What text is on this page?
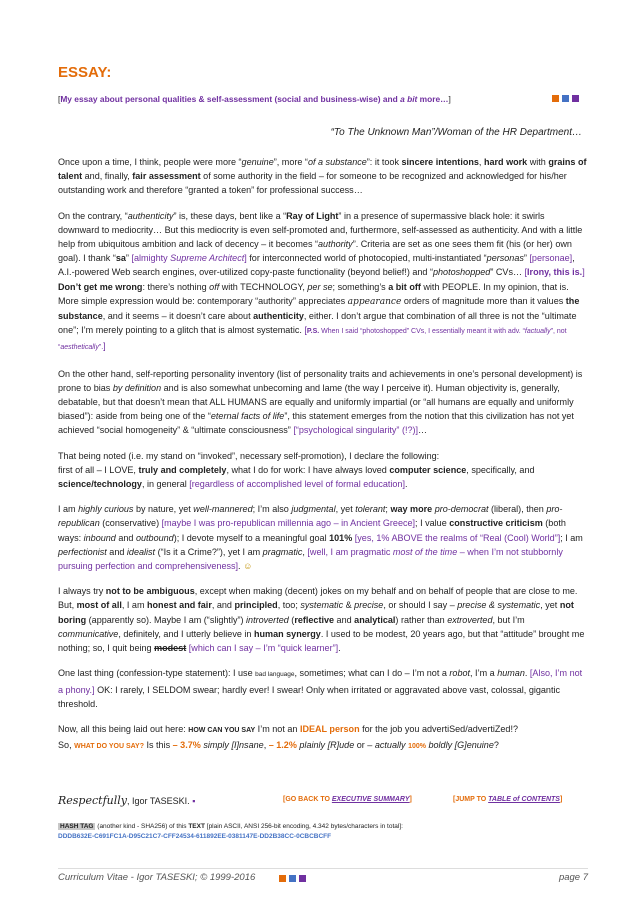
ESSAY:
[My essay about personal qualities & self-assessment (social and business-wise) and a bit more…]
“To The Unknown Man”/Woman of the HR Department…

Once upon a time, I think, people were more “genuine”, more “of a substance”: it took sincere intentions, hard work with grains of talent and, finally, fair assessment of some authority in the field – for someone to be recognized and acknowledged for his/her outstanding work and therefore “granted a token” for professional success…

On the contrary, “authenticity” is, these days, bent like a “Ray of Light” in a presence of supermassive black hole: it swirls downward to mediocrity… But this mediocrity is even self-promoted and, furthermore, self-assessed as authenticity. And with a little help from ubiquitous ambition and lack of decency – it becomes “authority”. Criteria are set as one sees them fit (his (or her) own goal). I thank “sa” [almighty Supreme Architect] for interconnected world of photocopied, multi-instantiated “personas” [personae], A.I.-powered Web search engines, over-utilized copy-paste functionality (beyond belief!) and “photoshopped” CVs… [Irony, this is.] Don’t get me wrong: there’s nothing off with TECHNOLOGY, per se; something’s a bit off with PEOPLE. In my opinion, that is. More simple expression would be: contemporary “authority” appreciates appearance orders of magnitude more than it values the substance, and it seems – it doesn’t care about authenticity, either. I don’t argue that combination of all three is not the “ultimate one”; I’m merely pointing to a glitch that is almost systematic. [P.S. When I said “photoshopped” CVs, I essentially meant it with adv. “factually”, not “aesthetically”.]

On the other hand, self-reporting personality inventory (list of personality traits and achievements in one’s personal development) is prone to bias by definition and is also somewhat unbecoming and lame (the way I perceive it). Human objectivity is, generally, debatable, but that doesn’t mean that ALL HUMANS are equally and uniformly impartial (or “all humans are equally and uniformly biased”): aside from being one of the “eternal facts of life”, this statement emerges from the notion that this civilization has not yet achieved “social homogeneity” & “ultimate consciousness” [“psychological singularity” (!?)]…

That being noted (i.e. my stand on “invoked”, necessary self-promotion), I declare the following:
first of all – I LOVE, truly and completely, what I do for work: I have always loved computer science, specifically, and science/technology, in general [regardless of accomplished level of formal education].

I am highly curious by nature, yet well-mannered; I’m also judgmental, yet tolerant; way more pro-democrat (liberal), then pro-republican (conservative) [maybe I was pro-republican millennia ago – in Ancient Greece]; I value constructive criticism (both ways: inbound and outbound); I devote myself to a meaningful goal 101% [yes, 1% ABOVE the realms of “Real (Cool) World”]; I am perfectionist and idealist (“Is it a Crime?”), yet I am pragmatic, [well, I am pragmatic most of the time – when I’m not stubbornly pursuing perfection and comprehensiveness]. ☺

I always try not to be ambiguous, except when making (decent) jokes on my behalf and on behalf of people that are close to me. But, most of all, I am honest and fair, and principled, too; systematic & precise, or should I say – precise & systematic, yet not boring (apparently so). Maybe I am (“slightly”) introverted (reflective and analytical) rather than extroverted, but I’m communicative, definitely, and I utterly believe in human synergy. I used to be modest, 20 years ago, but that “attitude” brought me nothing; so, I quit being modest [which can I say – I’m “quick learner”].

One last thing (confession-type statement): I use bad language, sometimes; what can I do – I’m not a robot, I’m a human. [Also, I’m not a phony.] OK: I rarely, I SELDOM swear; hardly ever! I swear! Only when irritated or aggravated above vast, colossal, gigantic threshold.

Now, all this being laid out here: HOW CAN YOU SAY I’m not an IDEAL person for the job you advertiSed/advertiZed!?
So, WHAT DO YOU SAY? Is this – 3.7% simply [I]nsane, – 1.2% plainly [R]ude or – actually 100% boldly [G]enuine?

Respectfully, Igor TASESKI. ▪	[GO BACK TO EXECUTIVE SUMMARY]	[JUMP TO TABLE of CONTENTS]
HASH TAG (another kind - SHA256) of this TEXT [plain ASCII, ANSI 256-bit encoding, 4.342 bytes/characters in total]:
DDDB632E-C691FC1A-D95C21C7-CFF24534-611892EE-0381147E-DD2B38CC-0CBCBCFF
Curriculum Vitae - Igor TASESKI; © 1999-2016	page 7
